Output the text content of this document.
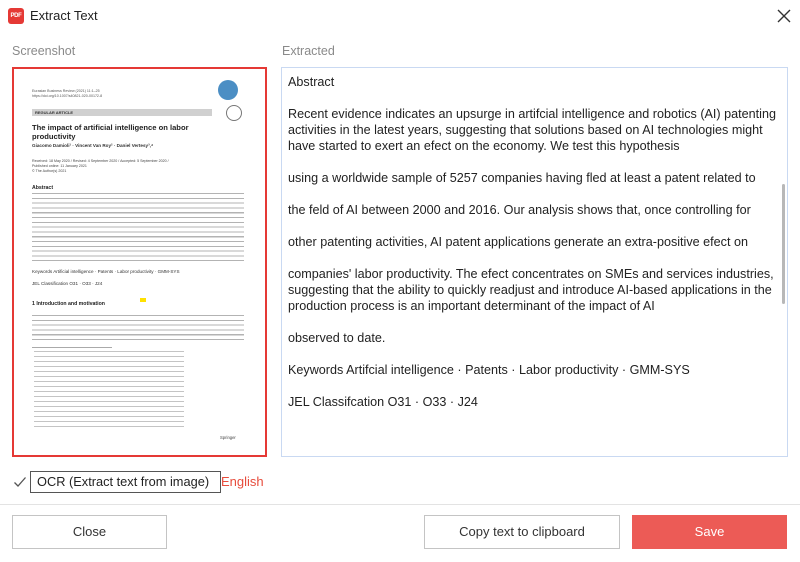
PDF Extract Text
Screenshot	Extracted
Eurasian Business Review (2021) 11:1–25
https://doi.org/10.1007/s40821-020-00172-8
REGULAR ARTICLE
The impact of artificial intelligence on labor productivity
Giacomo Damioli¹ · Vincent Van Roy² · Daniel Vertesy³,⁴
Received: 18 May 2020 / Revised: 4 September 2020 / Accepted: 5 September 2020 /
Published online: 11 January 2021
© The Author(s) 2021
Abstract
Keywords Artificial intelligence · Patents · Labor productivity · GMM-SYS
JEL Classification O31 · O33 · J24
1 Introduction and motivation
Springer

Abstract

Recent evidence indicates an upsurge in artifcial intelligence and robotics (AI) patenting activities in the latest years, suggesting that solutions based on AI technologies might have started to exert an efect on the economy. We test this hypothesis

using a worldwide sample of 5257 companies having fled at least a patent related to

the feld of AI between 2000 and 2016. Our analysis shows that, once controlling for

other patenting activities, AI patent applications generate an extra-positive efect on

companies' labor productivity. The efect concentrates on SMEs and services industries, suggesting that the ability to quickly readjust and introduce AI-based applications in the production process is an important determinant of the impact of AI

observed to date.

Keywords Artifcial intelligence · Patents · Labor productivity · GMM-SYS

JEL Classifcation O31 · O33 · J24

OCR (Extract text from image) English
Close	Copy text to clipboard	Save
